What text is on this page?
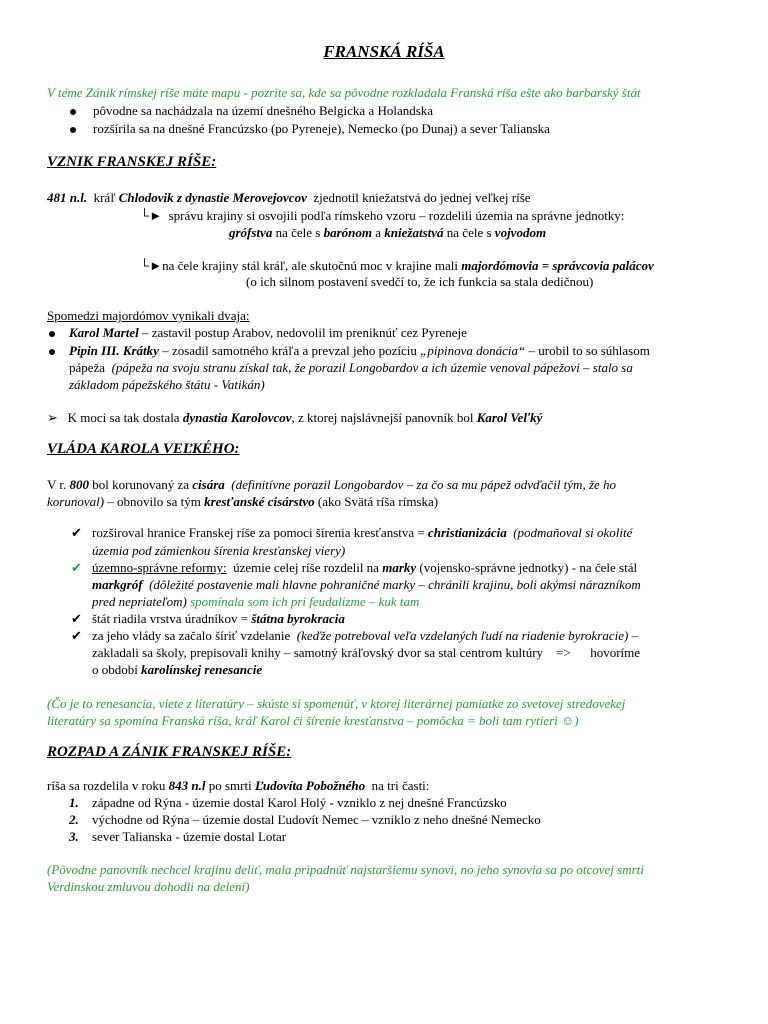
FRANSKÁ RÍŠA
V téme Zánik rímskej ríše máte mapu - pozrite sa, kde sa pôvodne rozkladala Franská ríša ešte ako barbarský štát
pôvodne sa nachádzala na území dnešného Belgicka a Holandska
rozšírila sa na dnešné Francúzsko (po Pyreneje), Nemecko (po Dunaj) a sever Talianska
VZNIK FRANSKEJ RÍŠE:
481 n.l. kráľ Chlodovik z dynastie Merovejovcov zjednotil kniežatstvá do jednej veľkej ríše
└► správu krajiny si osvojili podľa rímskeho vzoru – rozdelili územia na správne jednotky:
grófstva na čele s barónom a kniežatstvá na čele s vojvodom
└►na čele krajiny stál kráľ, ale skutočnú moc v krajine mali majordómovia = správcovia palácov
(o ich silnom postavení svedčí to, že ich funkcia sa stala dedičnou)
Spomedzi majordómov vynikali dvaja:
Karol Martel – zastavil postup Arabov, nedovolil im preniknúť cez Pyreneje
Pipin III. Krátky – zosadil samotného kráľa a prevzal jeho pozíciu „pipinova donácia“ – urobil to so súhlasom
pápeža (pápeža na svoju stranu získal tak, že porazil Longobardov a ich územie venoval pápežovi – stalo sa
základom pápežského štátu - Vatikán)
➢ K moci sa tak dostala dynastia Karolovcov, z ktorej najslávnejší panovník bol Karol Veľký
VLÁDA KAROLA VEĽKÉHO:
V r. 800 bol korunovaný za cisára (definitívne porazil Longobardov – za čo sa mu pápež odvďačil tým, že ho
korunoval) – obnovilo sa tým kresťanské cisárstvo (ako Svätá ríša rímska)
✔ rozširoval hranice Franskej ríše za pomoci šírenia kresťanstva = christianizácia (podmaňoval si okolité
územia pod zámienkou šírenia kresťanskej viery)
✔ územno-správne reformy: územie celej ríše rozdelil na marky (vojensko-správne jednotky) - na čele stál
markgróf (dôležité postavenie mali hlavne pohraničné marky – chránili krajinu, boli akýmsi nárazníkom
pred nepriateľom) spomínala som ich pri feudalizme – kuk tam
✔ štát riadila vrstva úradníkov = štátna byrokracia
✔ za jeho vlády sa začalo šíriť vzdelanie (keďže potreboval veľa vzdelaných ľudí na riadenie byrokracie) –
zakladali sa školy, prepisovali knihy – samotný kráľovský dvor sa stal centrom kultúry => hovoríme
o období karolínskej renesancie
(Čo je to renesancia, viete z literatúry – skúste si spomenúť, v ktorej literárnej pamiatke zo svetovej stredovekej
literatúry sa spomína Franská ríša, kráľ Karol či šírenie kresťanstva – pomôcka = boli tam rytieri ☺)
ROZPAD A ZÁNIK FRANSKEJ RÍŠE:
ríša sa rozdelila v roku 843 n.l po smrti Ľudovíta Pobožného na tri časti:
1. západne od Rýna - územie dostal Karol Holý - vzniklo z nej dnešné Francúzsko
2. východne od Rýna – územie dostal Ľudovít Nemec – vzniklo z neho dnešné Nemecko
3. sever Talianska - územie dostal Lotar
(Pôvodne panovník nechcel krajinu deliť, mala pripadnúť najstaršiemu synovi, no jeho synovia sa po otcovej smrti
Verdinskou zmluvou dohodli na delení)
